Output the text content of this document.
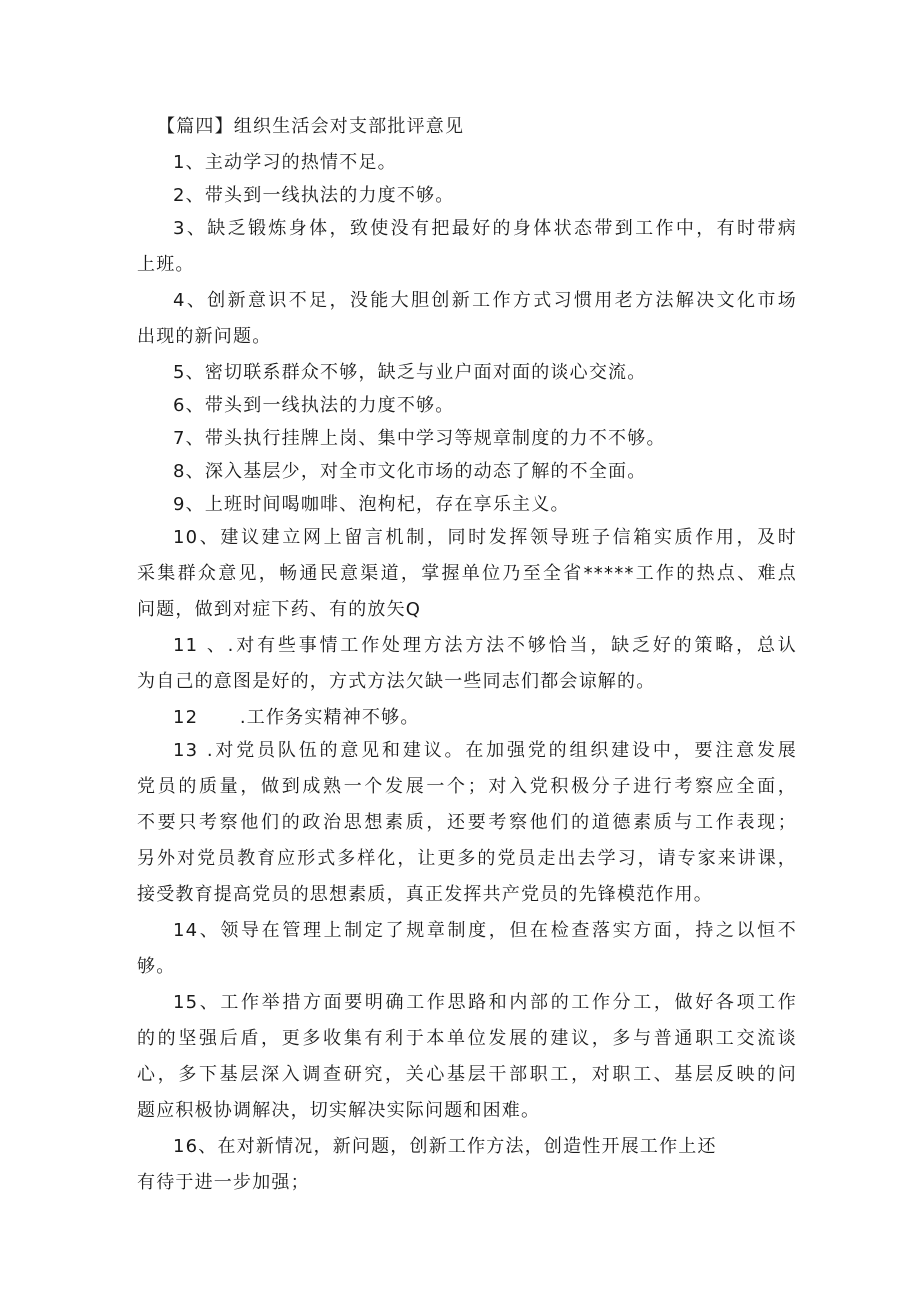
【篇四】组织生活会对支部批评意见

1、主动学习的热情不足。

2、带头到一线执法的力度不够。

3、缺乏锻炼身体，致使没有把最好的身体状态带到工作中，有时带病

上班。

4、创新意识不足，没能大胆创新工作方式习惯用老方法解决文化市场

出现的新问题。

5、密切联系群众不够，缺乏与业户面对面的谈心交流。

6、带头到一线执法的力度不够。

7、带头执行挂牌上岗、集中学习等规章制度的力不不够。

8、深入基层少，对全市文化市场的动态了解的不全面。

9、上班时间喝咖啡、泡枸杞，存在享乐主义。

10、建议建立网上留言机制，同时发挥领导班子信箱实质作用，及时

采集群众意见，畅通民意渠道，掌握单位乃至全省*****工作的热点、难点

问题，做到对症下药、有的放矢Q

11 、.对有些事情工作处理方法方法不够恰当，缺乏好的策略，总认

为自己的意图是好的，方式方法欠缺一些同志们都会谅解的。

12      .工作务实精神不够。

13 .对党员队伍的意见和建议。在加强党的组织建设中，要注意发展

党员的质量，做到成熟一个发展一个；对入党积极分子进行考察应全面，

不要只考察他们的政治思想素质，还要考察他们的道德素质与工作表现；

另外对党员教育应形式多样化，让更多的党员走出去学习，请专家来讲课，

接受教育提高党员的思想素质，真正发挥共产党员的先锋模范作用。

14、领导在管理上制定了规章制度，但在检查落实方面，持之以恒不

够。

15、工作举措方面要明确工作思路和内部的工作分工，做好各项工作

的的坚强后盾，更多收集有利于本单位发展的建议，多与普通职工交流谈

心，多下基层深入调查研究，关心基层干部职工，对职工、基层反映的问

题应积极协调解决，切实解决实际问题和困难。

16、在对新情况，新问题，创新工作方法，创造性开展工作上还

有待于进一步加强；
